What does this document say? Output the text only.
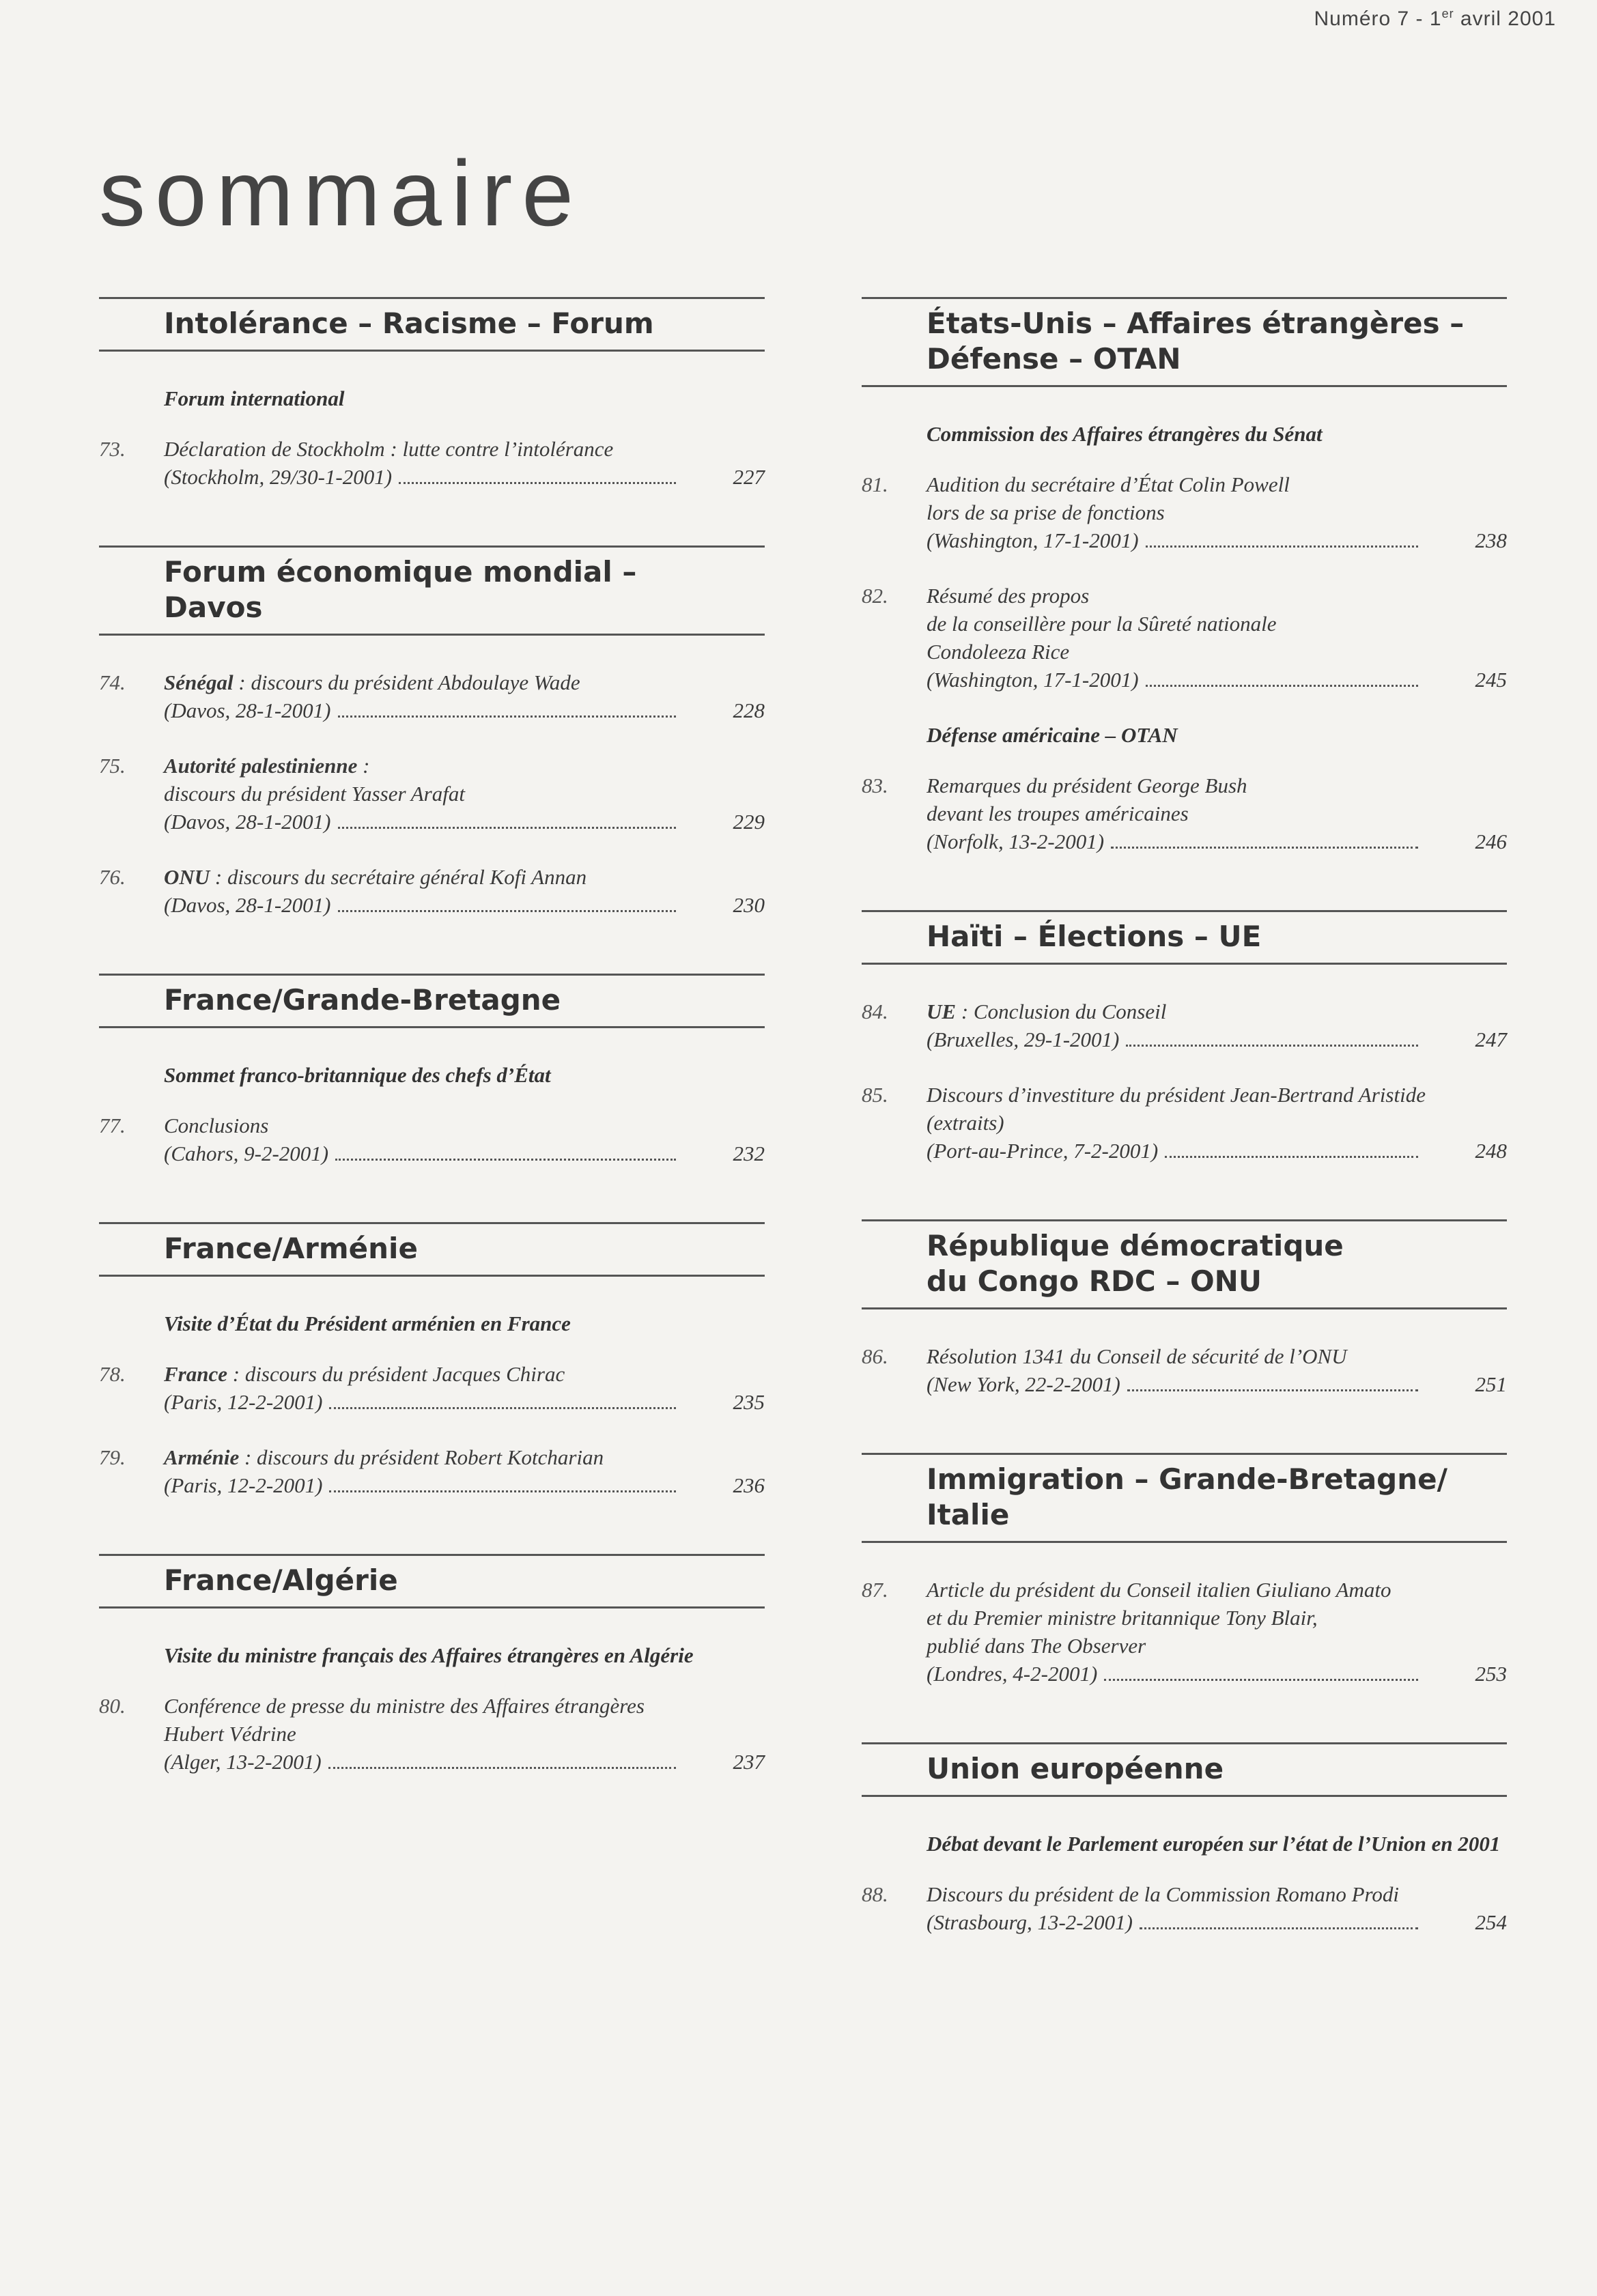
Numéro 7 - 1er avril 2001
sommaire
Intolérance – Racisme – Forum
Forum international
73.	Déclaration de Stockholm : lutte contre l’intolérance
(Stockholm, 29/30-1-2001)	227
Forum économique mondial –
Davos
74.	Sénégal : discours du président Abdoulaye Wade
(Davos, 28-1-2001)	228
75.	Autorité palestinienne :
discours du président Yasser Arafat
(Davos, 28-1-2001)	229
76.	ONU : discours du secrétaire général Kofi Annan
(Davos, 28-1-2001)	230
France/Grande-Bretagne
Sommet franco-britannique des chefs d’État
77.	Conclusions
(Cahors, 9-2-2001)	232
France/Arménie
Visite d’État du Président arménien en France
78.	France : discours du président Jacques Chirac
(Paris, 12-2-2001)	235
79.	Arménie : discours du président Robert Kotcharian
(Paris, 12-2-2001)	236
France/Algérie
Visite du ministre français des Affaires étrangères en Algérie
80.	Conférence de presse du ministre des Affaires étrangères
Hubert Védrine
(Alger, 13-2-2001)	237
États-Unis – Affaires étrangères –
Défense – OTAN
Commission des Affaires étrangères du Sénat
81.	Audition du secrétaire d’État Colin Powell
lors de sa prise de fonctions
(Washington, 17-1-2001)	238
82.	Résumé des propos
de la conseillère pour la Sûreté nationale
Condoleeza Rice
(Washington, 17-1-2001)	245
Défense américaine – OTAN
83.	Remarques du président George Bush
devant les troupes américaines
(Norfolk, 13-2-2001)	246
Haïti – Élections – UE
84.	UE : Conclusion du Conseil
(Bruxelles, 29-1-2001)	247
85.	Discours d’investiture du président Jean-Bertrand Aristide
(extraits)
(Port-au-Prince, 7-2-2001)	248
République démocratique
du Congo RDC – ONU
86.	Résolution 1341 du Conseil de sécurité de l’ONU
(New York, 22-2-2001)	251
Immigration – Grande-Bretagne/
Italie
87.	Article du président du Conseil italien Giuliano Amato
et du Premier ministre britannique Tony Blair,
publié dans The Observer
(Londres, 4-2-2001)	253
Union européenne
Débat devant le Parlement européen sur l’état de l’Union en 2001
88.	Discours du président de la Commission Romano Prodi
(Strasbourg, 13-2-2001)	254
